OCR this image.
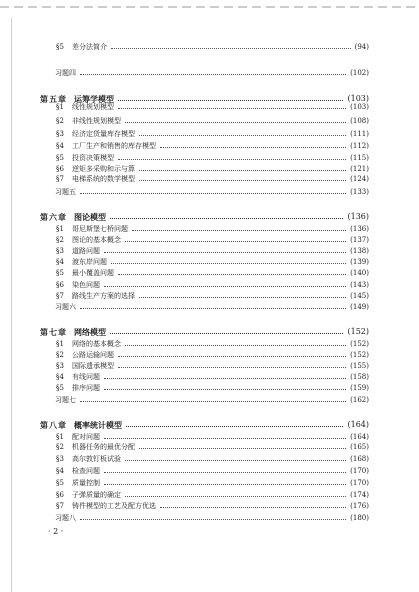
§5 差分法简介	(94)
习题四	(102)
第五章 运筹学模型	(103)
§1 线性规划模型	(103)
§2 非线性规划模型	(108)
§3 经济定货量库存模型	(111)
§4 工厂生产和销售的库存模型	(112)
§5 投资决策模型	(115)
§6 逆矩多采购和示与算	(121)
§7 电梯系统的数学模型	(124)
习题五	(133)
第六章 图论模型	(136)
§1 哥尼斯堡七桥问题	(136)
§2 图论的基本概念	(137)
§3 道路问题	(138)
§4 渡东岸问题	(139)
§5 最小覆盖问题	(140)
§6 染色问题	(143)
§7 路线生产方案的选择	(145)
习题六	(149)
第七章 网络模型	(152)
§1 网络的基本概念	(152)
§2 公路运输问题	(152)
§3 国际遗承模型	(155)
§4 有线问题	(158)
§5 排序问题	(159)
习题七	(162)
第八章 概率统计模型	(164)
§1 配对问题	(164)
§2 机器任务的最优分配	(165)
§3 高尔敦钉板试验	(168)
§4 检查问题	(170)
§5 质量控制	(170)
§6 子弹质量的确定	(174)
§7 铸件模型的工艺及配方优选	(176)
习题八	(180)
· 2 ·
